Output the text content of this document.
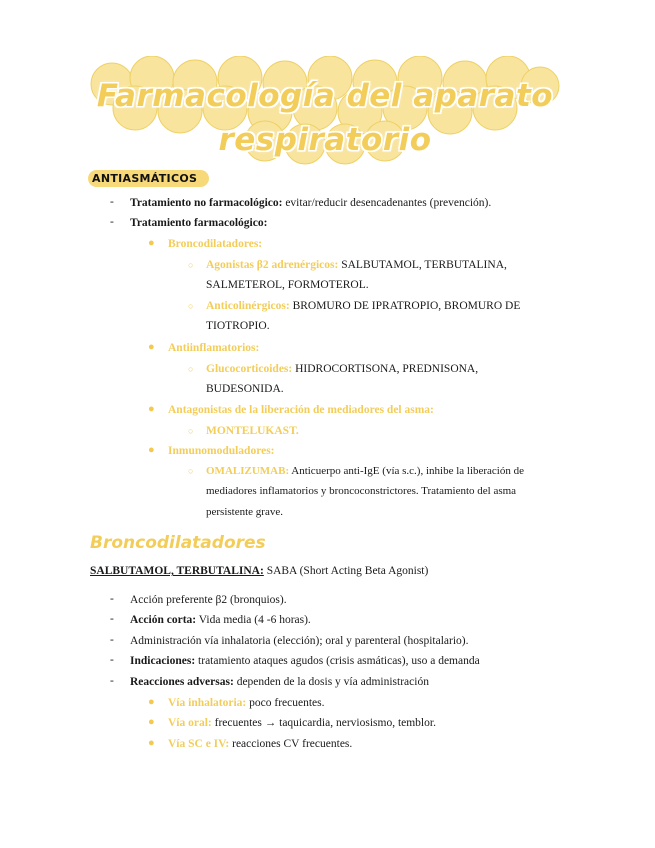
Farmacología del aparato
respiratorio
ANTIASMÁTICOS
- Tratamiento no farmacológico: evitar/reducir desencadenantes (prevención).
- Tratamiento farmacológico:
● Broncodilatadores:
○ Agonistas β2 adrenérgicos: SALBUTAMOL, TERBUTALINA,
SALMETEROL, FORMOTEROL.
○ Anticolinérgicos: BROMURO DE IPRATROPIO, BROMURO DE
TIOTROPIO.
● Antiinflamatorios:
○ Glucocorticoides: HIDROCORTISONA, PREDNISONA,
BUDESONIDA.
● Antagonistas de la liberación de mediadores del asma:
○ MONTELUKAST.
● Inmunomoduladores:
○ OMALIZUMAB: Anticuerpo anti-IgE (vía s.c.), inhibe la liberación de
mediadores inflamatorios y broncoconstrictores. Tratamiento del asma
persistente grave.
Broncodilatadores
SALBUTAMOL, TERBUTALINA: SABA (Short Acting Beta Agonist)
- Acción preferente β2 (bronquios).
- Acción corta: Vida media (4 -6 horas).
- Administración vía inhalatoria (elección); oral y parenteral (hospitalario).
- Indicaciones: tratamiento ataques agudos (crisis asmáticas), uso a demanda
- Reacciones adversas: dependen de la dosis y vía administración
● Vía inhalatoria: poco frecuentes.
● Vía oral: frecuentes → taquicardia, nerviosismo, temblor.
● Vía SC e IV: reacciones CV frecuentes.
